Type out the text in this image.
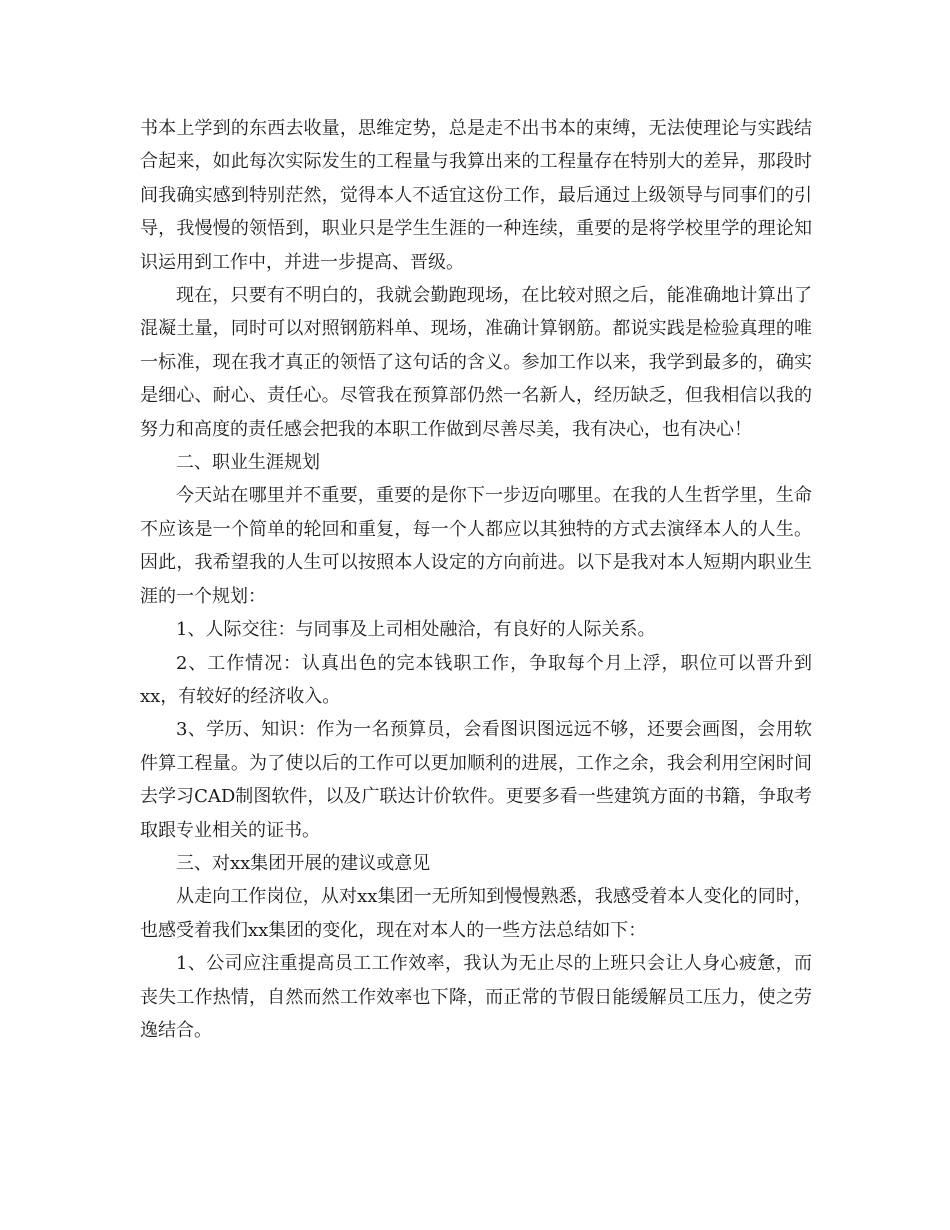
书本上学到的东西去收量，思维定势，总是走不出书本的束缚，无法使理论与实践结合起来，如此每次实际发生的工程量与我算出来的工程量存在特别大的差异，那段时间我确实感到特别茫然，觉得本人不适宜这份工作，最后通过上级领导与同事们的引导，我慢慢的领悟到，职业只是学生生涯的一种连续，重要的是将学校里学的理论知识运用到工作中，并进一步提高、晋级。

现在，只要有不明白的，我就会勤跑现场，在比较对照之后，能准确地计算出了混凝土量，同时可以对照钢筋料单、现场，准确计算钢筋。都说实践是检验真理的唯一标准，现在我才真正的领悟了这句话的含义。参加工作以来，我学到最多的，确实是细心、耐心、责任心。尽管我在预算部仍然一名新人，经历缺乏，但我相信以我的努力和高度的责任感会把我的本职工作做到尽善尽美，我有决心，也有决心！

二、职业生涯规划

今天站在哪里并不重要，重要的是你下一步迈向哪里。在我的人生哲学里，生命不应该是一个简单的轮回和重复，每一个人都应以其独特的方式去演绎本人的人生。因此，我希望我的人生可以按照本人设定的方向前进。以下是我对本人短期内职业生涯的一个规划：

1、人际交往：与同事及上司相处融洽，有良好的人际关系。

2、工作情况：认真出色的完本钱职工作，争取每个月上浮，职位可以晋升到xx，有较好的经济收入。

3、学历、知识：作为一名预算员，会看图识图远远不够，还要会画图，会用软件算工程量。为了使以后的工作可以更加顺利的进展，工作之余，我会利用空闲时间去学习CAD制图软件，以及广联达计价软件。更要多看一些建筑方面的书籍，争取考取跟专业相关的证书。

三、对xx集团开展的建议或意见

从走向工作岗位，从对xx集团一无所知到慢慢熟悉，我感受着本人变化的同时，也感受着我们xx集团的变化，现在对本人的一些方法总结如下：

1、公司应注重提高员工工作效率，我认为无止尽的上班只会让人身心疲惫，而丧失工作热情，自然而然工作效率也下降，而正常的节假日能缓解员工压力，使之劳逸结合。
